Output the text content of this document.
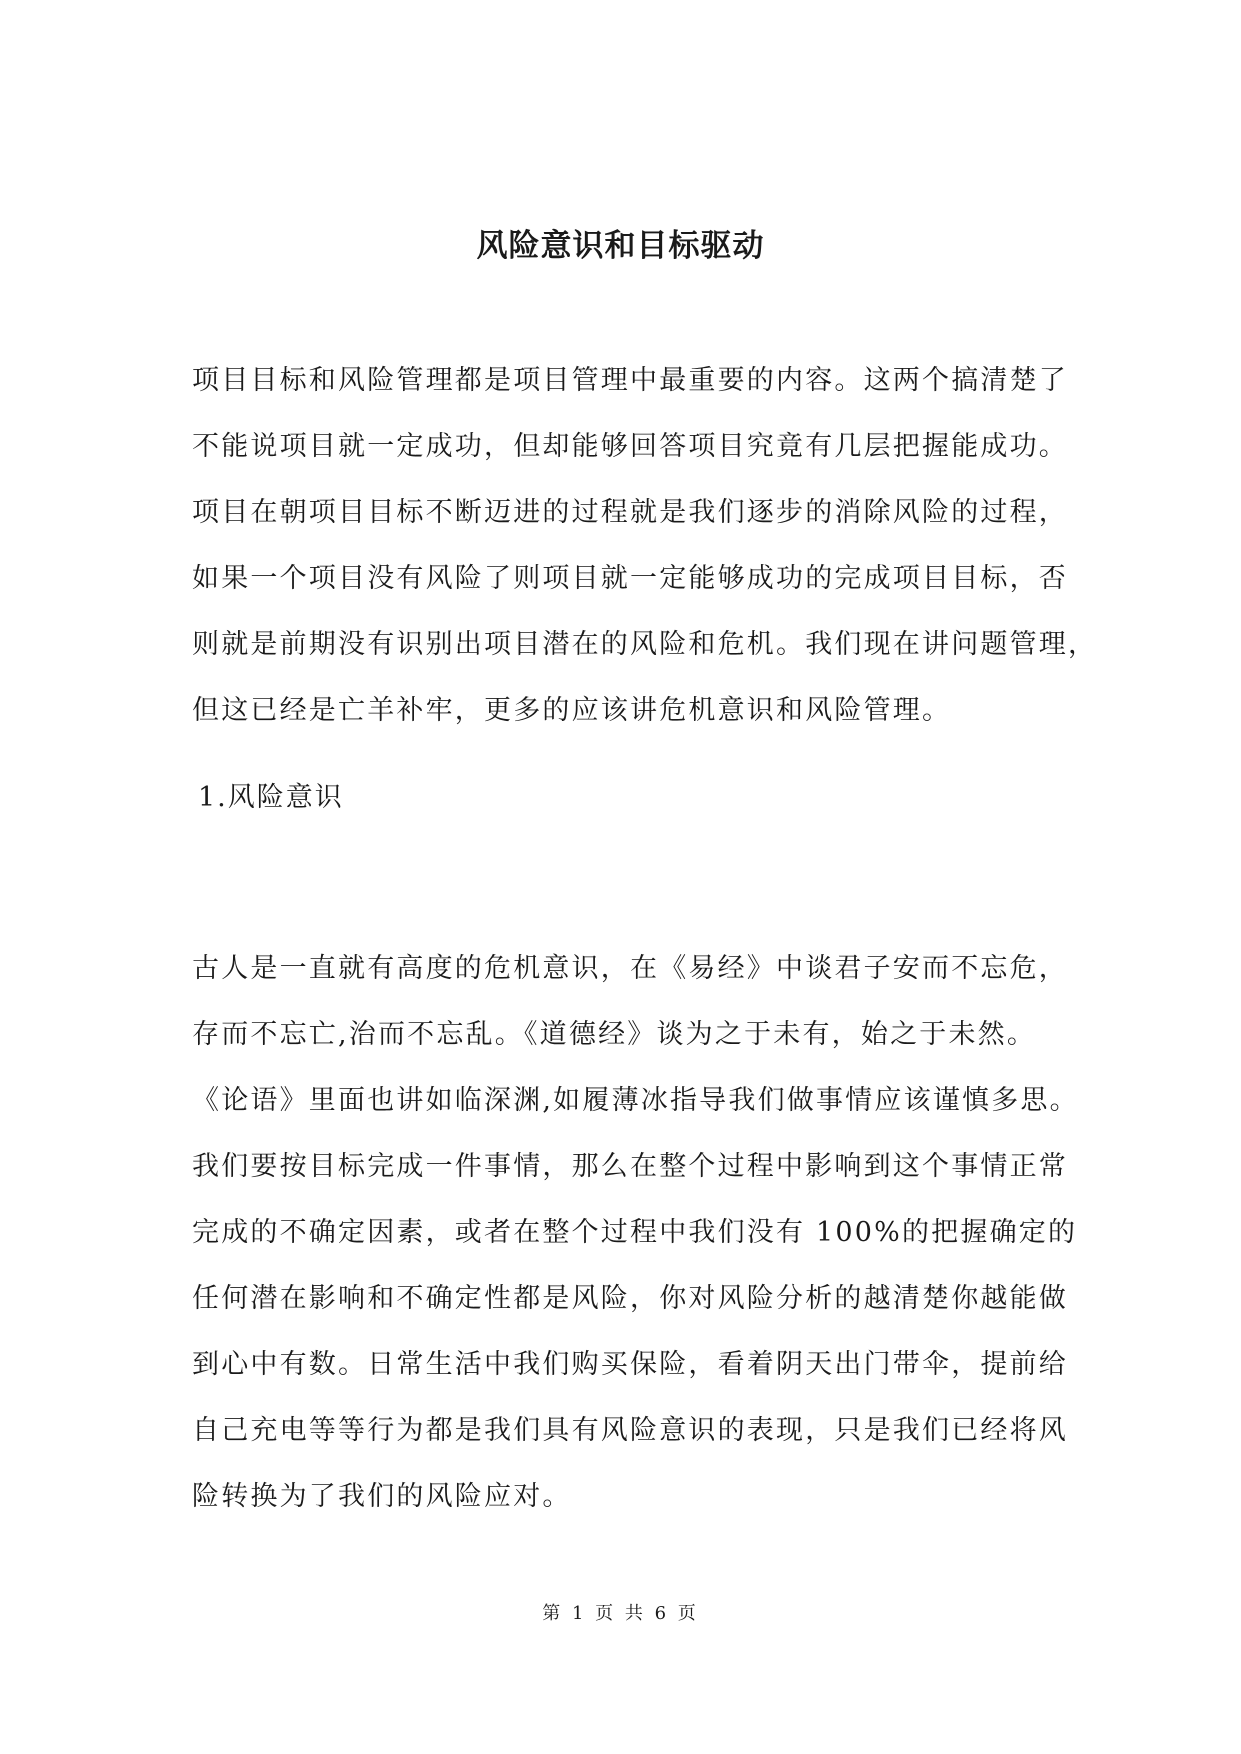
风险意识和目标驱动
项目目标和风险管理都是项目管理中最重要的内容。这两个搞清楚了
不能说项目就一定成功，但却能够回答项目究竟有几层把握能成功。
项目在朝项目目标不断迈进的过程就是我们逐步的消除风险的过程，
如果一个项目没有风险了则项目就一定能够成功的完成项目目标，否
则就是前期没有识别出项目潜在的风险和危机。我们现在讲问题管理，
但这已经是亡羊补牢，更多的应该讲危机意识和风险管理。
1.风险意识
古人是一直就有高度的危机意识，在《易经》中谈君子安而不忘危，
存而不忘亡,治而不忘乱。《道德经》谈为之于未有，始之于未然。
《论语》里面也讲如临深渊,如履薄冰指导我们做事情应该谨慎多思。
我们要按目标完成一件事情，那么在整个过程中影响到这个事情正常
完成的不确定因素，或者在整个过程中我们没有 100%的把握确定的
任何潜在影响和不确定性都是风险，你对风险分析的越清楚你越能做
到心中有数。日常生活中我们购买保险，看着阴天出门带伞，提前给
自己充电等等行为都是我们具有风险意识的表现，只是我们已经将风
险转换为了我们的风险应对。
第 1 页 共 6 页
